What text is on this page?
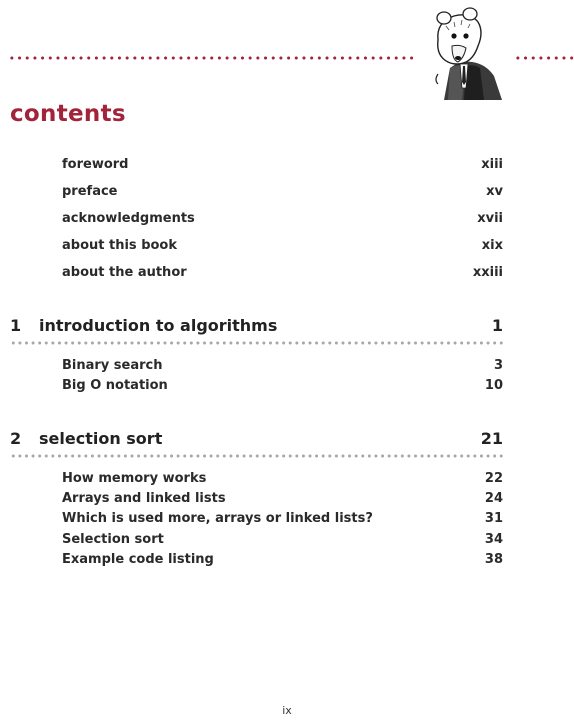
contents
foreword	xiii
preface	xv
acknowledgments	xvii
about this book	xix
about the author	xxiii
1 introduction to algorithms	1
Binary search	3
Big O notation	10
2 selection sort	21
How memory works	22
Arrays and linked lists	24
Which is used more, arrays or linked lists?	31
Selection sort	34
Example code listing	38
ix
